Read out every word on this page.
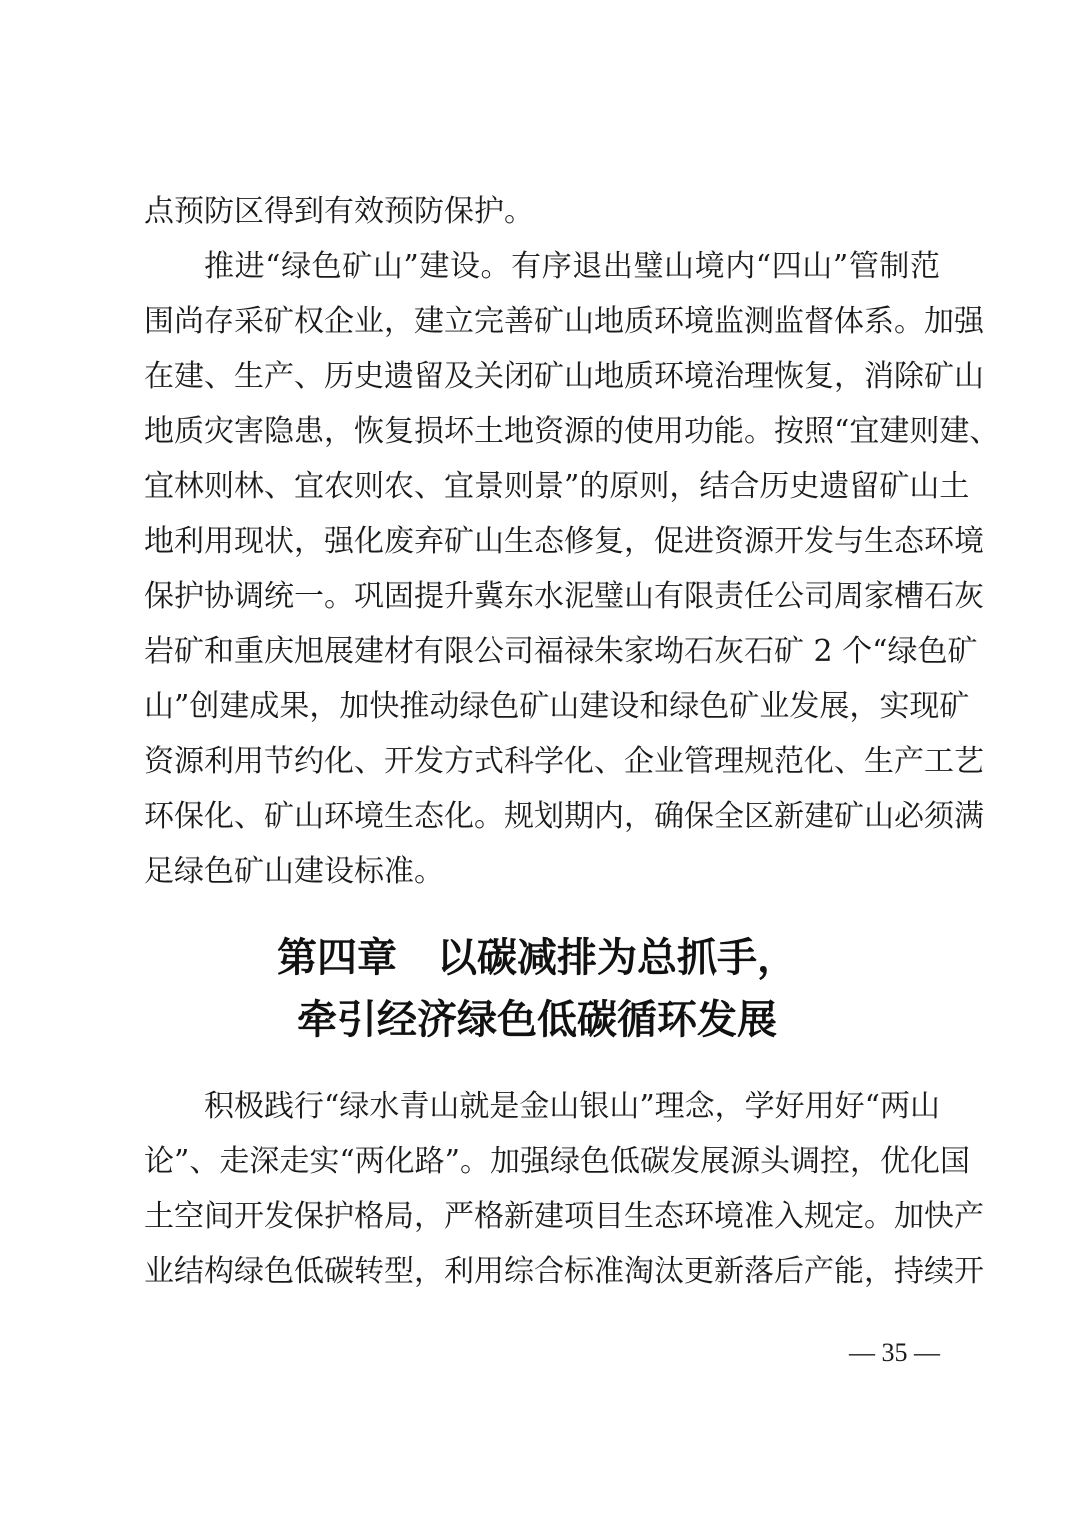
点预防区得到有效预防保护。
推进“绿色矿山”建设。有序退出璧山境内“四山”管制范
围尚存采矿权企业，建立完善矿山地质环境监测监督体系。加强
在建、生产、历史遗留及关闭矿山地质环境治理恢复，消除矿山
地质灾害隐患，恢复损坏土地资源的使用功能。按照“宜建则建、
宜林则林、宜农则农、宜景则景”的原则，结合历史遗留矿山土
地利用现状，强化废弃矿山生态修复，促进资源开发与生态环境
保护协调统一。巩固提升冀东水泥璧山有限责任公司周家槽石灰
岩矿和重庆旭展建材有限公司福禄朱家坳石灰石矿 2 个“绿色矿
山”创建成果，加快推动绿色矿山建设和绿色矿业发展，实现矿
资源利用节约化、开发方式科学化、企业管理规范化、生产工艺
环保化、矿山环境生态化。规划期内，确保全区新建矿山必须满
足绿色矿山建设标准。
第四章　以碳减排为总抓手，
牵引经济绿色低碳循环发展
积极践行“绿水青山就是金山银山”理念，学好用好“两山
论”、走深走实“两化路”。加强绿色低碳发展源头调控，优化国
土空间开发保护格局，严格新建项目生态环境准入规定。加快产
业结构绿色低碳转型，利用综合标准淘汰更新落后产能，持续开
— 35 —
